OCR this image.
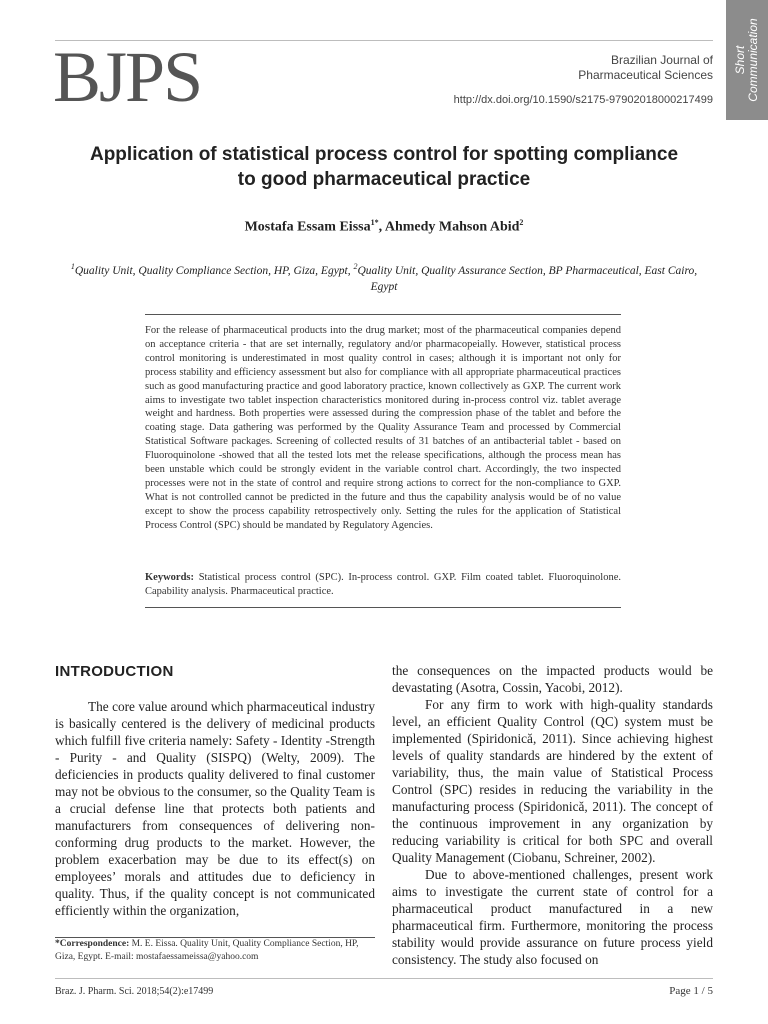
BJPS	Brazilian Journal of
Pharmaceutical Sciences
http://dx.doi.org/10.1590/s2175-97902018000217499
Short Communication
Application of statistical process control for spotting compliance
to good pharmaceutical practice
Mostafa Essam Eissa$^{1*}$, Ahmedy Mahson Abid$^2$
$^1$Quality Unit, Quality Compliance Section, HP, Giza, Egypt, $^2$Quality Unit, Quality Assurance Section, BP Pharmaceutical, East Cairo, Egypt
For the release of pharmaceutical products into the drug market; most of the pharmaceutical companies depend on acceptance criteria - that are set internally, regulatory and/or pharmacopeially. However, statistical process control monitoring is underestimated in most quality control in cases; although it is important not only for process stability and efficiency assessment but also for compliance with all appropriate pharmaceutical practices such as good manufacturing practice and good laboratory practice, known collectively as GXP. The current work aims to investigate two tablet inspection characteristics monitored during in-process control viz. tablet average weight and hardness. Both properties were assessed during the compression phase of the tablet and before the coating stage. Data gathering was performed by the Quality Assurance Team and processed by Commercial Statistical Software packages. Screening of collected results of 31 batches of an antibacterial tablet - based on Fluoroquinolone -showed that all the tested lots met the release specifications, although the process mean has been unstable which could be strongly evident in the variable control chart. Accordingly, the two inspected processes were not in the state of control and require strong actions to correct for the non-compliance to GXP. What is not controlled cannot be predicted in the future and thus the capability analysis would be of no value except to show the process capability retrospectively only. Setting the rules for the application of Statistical Process Control (SPC) should be mandated by Regulatory Agencies.
Keywords: Statistical process control (SPC). In-process control. GXP. Film coated tablet. Fluoroquinolone. Capability analysis. Pharmaceutical practice.
INTRODUCTION

The core value around which pharmaceutical industry is basically centered is the delivery of medicinal products which fulfill five criteria namely: Safety - Identity -Strength - Purity - and Quality (SISPQ) (Welty, 2009). The deficiencies in products quality delivered to final customer may not be obvious to the consumer, so the Quality Team is a crucial defense line that protects both patients and manufacturers from consequences of delivering non-conforming drug products to the market. However, the problem exacerbation may be due to its effect(s) on employees’ morals and attitudes due to deficiency in quality. Thus, if the quality concept is not communicated efficiently within the organization,

the consequences on the impacted products would be devastating (Asotra, Cossin, Yacobi, 2012).

For any firm to work with high-quality standards level, an efficient Quality Control (QC) system must be implemented (Spiridonică, 2011). Since achieving highest levels of quality standards are hindered by the extent of variability, thus, the main value of Statistical Process Control (SPC) resides in reducing the variability in the manufacturing process (Spiridonică, 2011). The concept of the continuous improvement in any organization by reducing variability is critical for both SPC and overall Quality Management (Ciobanu, Schreiner, 2002).

Due to above-mentioned challenges, present work aims to investigate the current state of control for a pharmaceutical product manufactured in a new pharmaceutical firm. Furthermore, monitoring the process stability would provide assurance on future process yield consistency. The study also focused on

*Correspondence: M. E. Eissa. Quality Unit, Quality Compliance Section, HP, Giza, Egypt. E-mail: mostafaessameissa@yahoo.com
Braz. J. Pharm. Sci. 2018;54(2):e17499	Page 1 / 5
